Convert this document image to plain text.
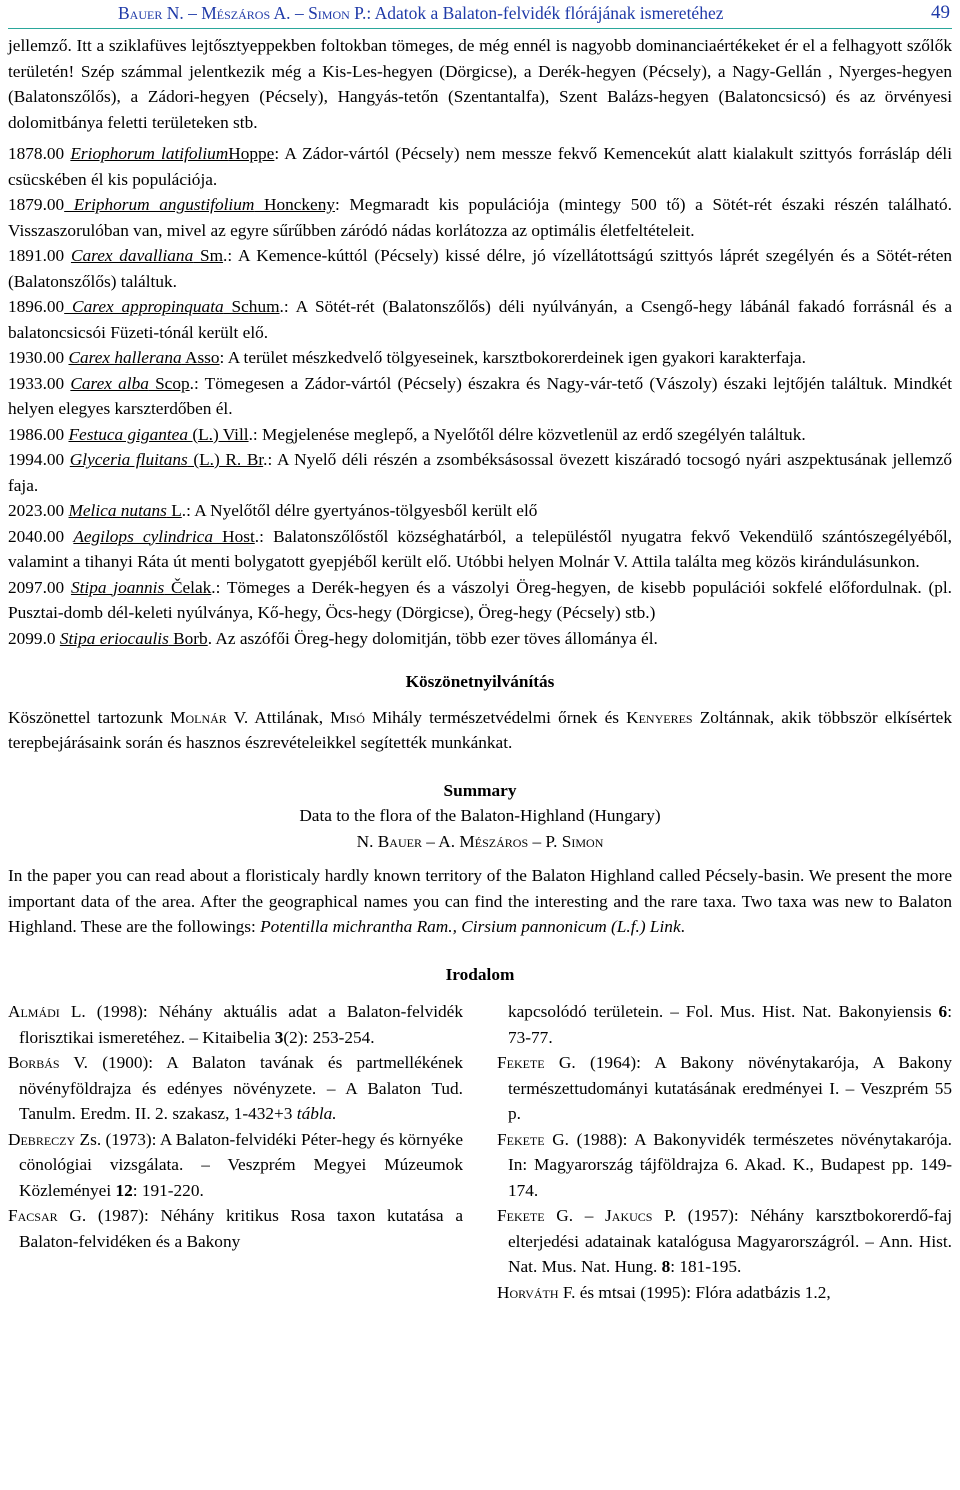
Bauer N. – Mészáros A. – Simon P.: Adatok a Balaton-felvidék flórájának ismeretéhez	49

jellemző. Itt a sziklafüves lejtősztyeppekben foltokban tömeges, de még ennél is nagyobb dominanciaértékeket ér el a felhagyott szőlők területén! Szép számmal jelentkezik még a Kis-Les-hegyen (Dörgicse), a Derék-hegyen (Pécsely), a Nagy-Gellán , Nyerges-hegyen (Balatonszőlős), a Zádori-hegyen (Pécsely), Hangyás-tetőn (Szentantalfa), Szent Balázs-hegyen (Balatoncsicsó) és az örvényesi dolomitbánya feletti területeken stb.

1878.00 Eriophorum latifoliumHoppe: A Zádor-vártól (Pécsely) nem messze fekvő Kemencekút alatt kialakult szittyós forrásláp déli csücskében él kis populációja.

1879.00 Eriphorum angustifolium Honckeny: Megmaradt kis populációja (mintegy 500 tő) a Sötét-rét északi részén található. Visszaszorulóban van, mivel az egyre sűrűbben záródó nádas korlátozza az optimális életfeltételeit.

1891.00 Carex davalliana Sm.: A Kemence-kúttól (Pécsely) kissé délre, jó vízellátottságú szittyós láprét szegélyén és a Sötét-réten (Balatonszőlős) találtuk.

1896.00 Carex appropinquata Schum.: A Sötét-rét (Balatonszőlős) déli nyúlványán, a Csengő-hegy lábánál fakadó forrásnál és a balatoncsicsói Füzeti-tónál került elő.

1930.00 Carex hallerana Asso: A terület mészkedvelő tölgyeseinek, karsztbokorerdeinek igen gyakori karakterfaja.

1933.00 Carex alba Scop.: Tömegesen a Zádor-vártól (Pécsely) északra és Nagy-vár-tető (Vászoly) északi lejtőjén találtuk. Mindkét helyen elegyes karszterdőben él.

1986.00 Festuca gigantea (L.) Vill.: Megjelenése meglepő, a Nyelőtől délre közvetlenül az erdő szegélyén találtuk.

1994.00 Glyceria fluitans (L.) R. Br.: A Nyelő déli részén a zsombéksásossal övezett kiszáradó tocsogó nyári aszpektusának jellemző faja.

2023.00 Melica nutans L.: A Nyelőtől délre gyertyános-tölgyesből került elő

2040.00 Aegilops cylindrica Host.: Balatonszőlőstől községhatárból, a településtől nyugatra fekvő Vekendülő szántószegélyéből, valamint a tihanyi Ráta út menti bolygatott gyepjéből került elő. Utóbbi helyen Molnár V. Attila találta meg közös kirándulásunkon.

2097.00 Stipa joannis Čelak.: Tömeges a Derék-hegyen és a vászolyi Öreg-hegyen, de kisebb populációi sokfelé előfordulnak. (pl. Pusztai-domb dél-keleti nyúlványa, Kő-hegy, Öcs-hegy (Dörgicse), Öreg-hegy (Pécsely) stb.)

2099.0 Stipa eriocaulis Borb. Az aszófői Öreg-hegy dolomitján, több ezer töves állománya él.

Köszönetnyilvánítás

Köszönettel tartozunk Molnár V. Attilának, Misó Mihály természetvédelmi őrnek és Kenyeres Zoltánnak, akik többször elkísértek terepbejárásaink során és hasznos észrevételeikkel segítették munkánkat.

Summary

Data to the flora of the Balaton-Highland (Hungary)

N. Bauer – A. Mészáros – P. Simon

In the paper you can read about a floristicaly hardly known territory of the Balaton Highland called Pécsely-basin. We present the more important data of the area. After the geographical names you can find the interesting and the rare taxa. Two taxa was new to Balaton Highland. These are the followings: Potentilla michrantha Ram., Cirsium pannonicum (L.f.) Link.

Irodalom

Almádi L. (1998): Néhány aktuális adat a Balaton-felvidék florisztikai ismeretéhez. – Kitaibelia 3(2): 253-254.

Borbás V. (1900): A Balaton tavának és partmellékének növényföldrajza és edényes növényzete. – A Balaton Tud. Tanulm. Eredm. II. 2. szakasz, 1-432+3 tábla.

Debreczy Zs. (1973): A Balaton-felvidéki Péter-hegy és környéke cönológiai vizsgálata. – Veszprém Megyei Múzeumok Közleményei 12: 191-220.

Facsar G. (1987): Néhány kritikus Rosa taxon kutatása a Balaton-felvidéken és a Bakony

kapcsolódó területein. – Fol. Mus. Hist. Nat. Bakonyiensis 6: 73-77.

Fekete G. (1964): A Bakony növénytakarója, A Bakony természettudományi kutatásának eredményei I. – Veszprém 55 p.

Fekete G. (1988): A Bakonyvidék természetes növénytakarója. In: Magyarország tájföldrajza 6. Akad. K., Budapest pp. 149-174.

Fekete G. – Jakucs P. (1957): Néhány karsztbokorerdő-faj elterjedési adatainak katalógusa Magyarországról. – Ann. Hist. Nat. Mus. Nat. Hung. 8: 181-195.

Horváth F. és mtsai (1995): Flóra adatbázis 1.2,
